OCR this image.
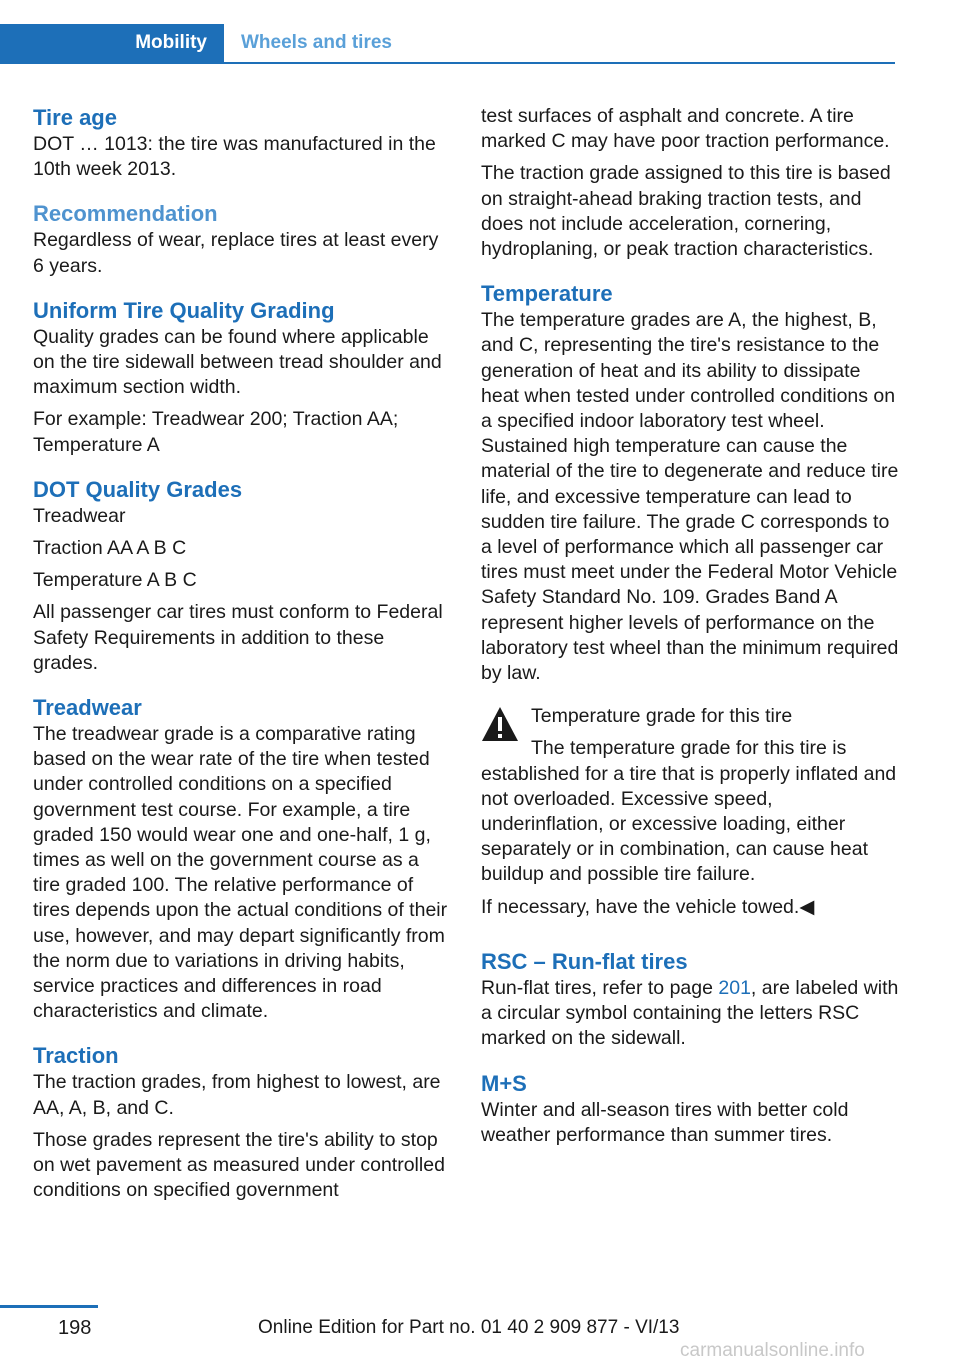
Mobility	Wheels and tires
Tire age

DOT … 1013: the tire was manufactured in the 10th week 2013.

Recommendation

Regardless of wear, replace tires at least every 6 years.

Uniform Tire Quality Grading

Quality grades can be found where applicable on the tire sidewall between tread shoulder and maximum section width.

For example: Treadwear 200; Traction AA; Temperature A

DOT Quality Grades

Treadwear

Traction AA A B C

Temperature A B C

All passenger car tires must conform to Federal Safety Requirements in addition to these grades.

Treadwear

The treadwear grade is a comparative rating based on the wear rate of the tire when tested under controlled conditions on a specified government test course. For example, a tire graded 150 would wear one and one-half, 1 g, times as well on the government course as a tire graded 100. The relative performance of tires depends upon the actual conditions of their use, however, and may depart significantly from the norm due to variations in driving habits, service practices and differences in road characteristics and climate.

Traction

The traction grades, from highest to lowest, are AA, A, B, and C.

Those grades represent the tire's ability to stop on wet pavement as measured under controlled conditions on specified government

test surfaces of asphalt and concrete. A tire marked C may have poor traction performance.

The traction grade assigned to this tire is based on straight-ahead braking traction tests, and does not include acceleration, cornering, hydroplaning, or peak traction characteristics.

Temperature

The temperature grades are A, the highest, B, and C, representing the tire's resistance to the generation of heat and its ability to dissipate heat when tested under controlled conditions on a specified indoor laboratory test wheel. Sustained high temperature can cause the material of the tire to degenerate and reduce tire life, and excessive temperature can lead to sudden tire failure. The grade C corresponds to a level of performance which all passenger car tires must meet under the Federal Motor Vehicle Safety Standard No. 109. Grades Band A represent higher levels of performance on the laboratory test wheel than the minimum required by law.

Temperature grade for this tire

The temperature grade for this tire is established for a tire that is properly inflated and not overloaded. Excessive speed, underinflation, or excessive loading, either separately or in combination, can cause heat buildup and possible tire failure.

If necessary, have the vehicle towed.◀

RSC – Run-flat tires

Run-flat tires, refer to page 201, are labeled with a circular symbol containing the letters RSC marked on the sidewall.

M+S

Winter and all-season tires with better cold weather performance than summer tires.

198	Online Edition for Part no. 01 40 2 909 877 - VI/13
carmanualsonline.info
